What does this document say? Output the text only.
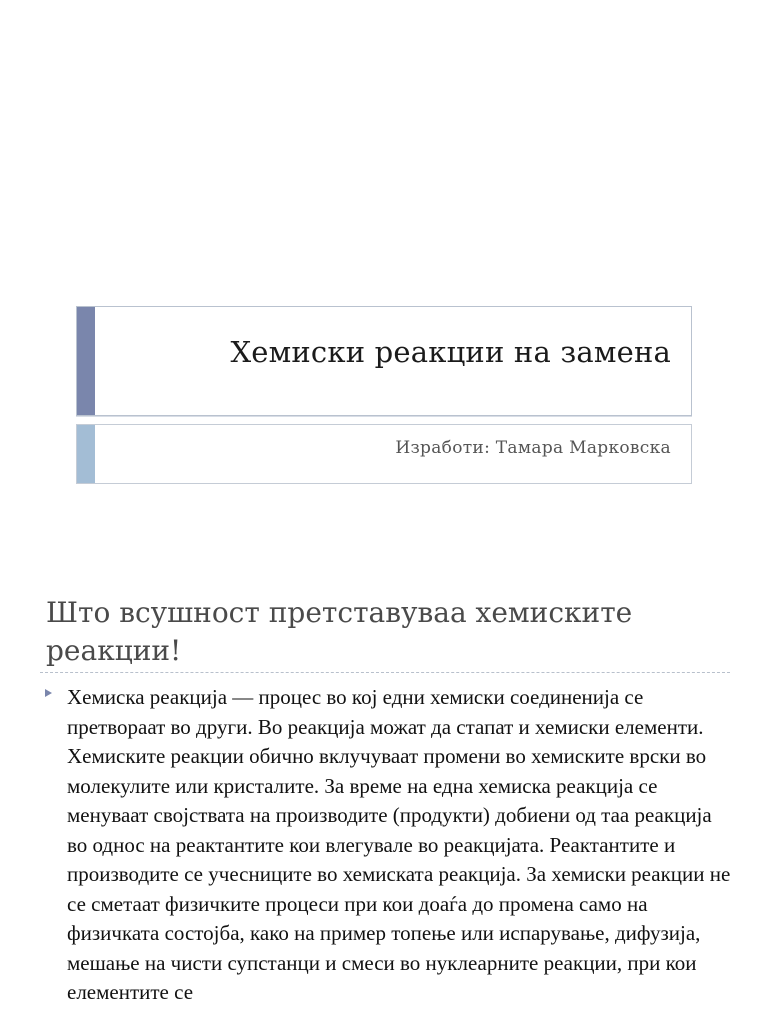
Хемиски реакции на замена
Изработи: Тамара Марковска
Што всушност претставуваа хемиските реакции!
Хемиска реакција — процес во кој едни хемиски соединенија се претвораат во други. Во реакција можат да стапат и хемиски елементи. Хемиските реакции обично вклучуваат промени во хемиските врски во молекулите или кристалите. За време на една хемиска реакција се менуваат својствата на производите (продукти) добиени од таа реакција во однос на реактантите кои влегувале во реакцијата. Реактантите и производите се учесниците во хемиската реакција. За хемиски реакции не се сметаат физичките процеси при кои доаѓа до промена само на физичката состојба, како на пример топење или испарување, дифузија, мешање на чисти супстанци и смеси во нуклеарните реакции, при кои елементите се
